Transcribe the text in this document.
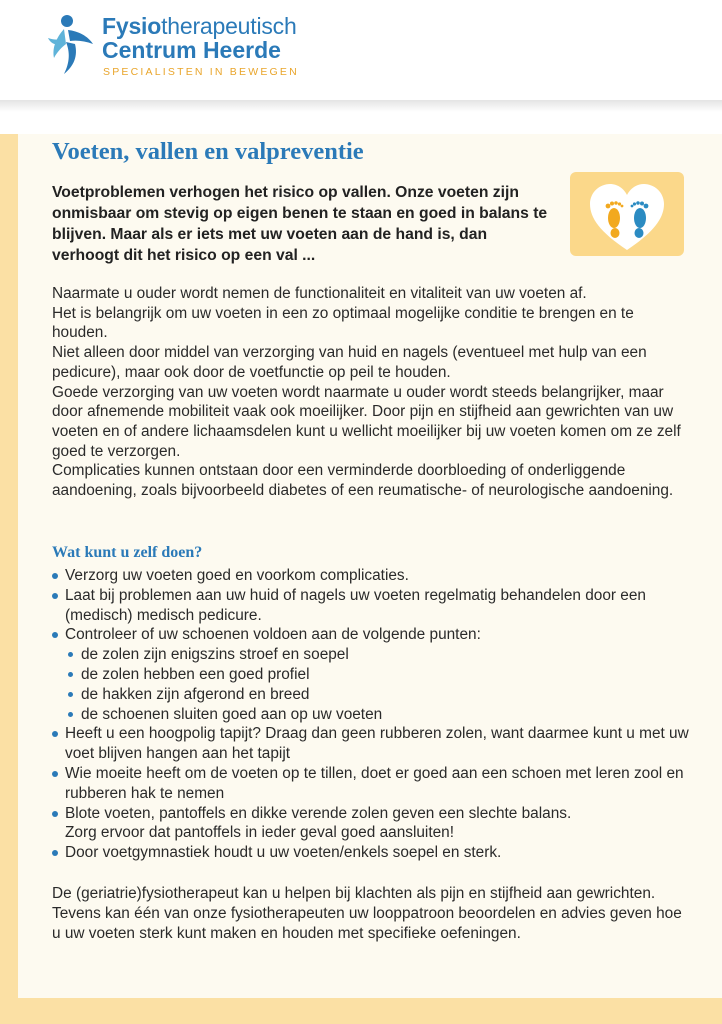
Fysiotherapeutisch
Centrum Heerde
SPECIALISTEN IN BEWEGEN
Voeten, vallen en valpreventie

Voetproblemen verhogen het risico op vallen. Onze voeten zijn onmisbaar om stevig op eigen benen te staan en goed in balans te blijven. Maar als er iets met uw voeten aan de hand is, dan verhoogt dit het risico op een val ...

Naarmate u ouder wordt nemen de functionaliteit en vitaliteit van uw voeten af.

Het is belangrijk om uw voeten in een zo optimaal mogelijke conditie te brengen en te houden.

Niet alleen door middel van verzorging van huid en nagels (eventueel met hulp van een pedicure), maar ook door de voetfunctie op peil te houden.

Goede verzorging van uw voeten wordt naarmate u ouder wordt steeds belangrijker, maar door afnemende mobiliteit vaak ook moeilijker. Door pijn en stijfheid aan gewrichten van uw voeten en of andere lichaamsdelen kunt u wellicht moeilijker bij uw voeten komen om ze zelf goed te verzorgen.

Complicaties kunnen ontstaan door een verminderde doorbloeding of onderliggende aandoening, zoals bijvoorbeeld diabetes of een reumatische- of neurologische aandoening.

Wat kunt u zelf doen?
Verzorg uw voeten goed en voorkom complicaties.
Laat bij problemen aan uw huid of nagels uw voeten regelmatig behandelen door een (medisch) medisch pedicure.
Controleer of uw schoenen voldoen aan de volgende punten:
de zolen zijn enigszins stroef en soepel
de zolen hebben een goed profiel
de hakken zijn afgerond en breed
de schoenen sluiten goed aan op uw voeten
Heeft u een hoogpolig tapijt? Draag dan geen rubberen zolen, want daarmee kunt u met uw voet blijven hangen aan het tapijt
Wie moeite heeft om de voeten op te tillen, doet er goed aan een schoen met leren zool en rubberen hak te nemen
Blote voeten, pantoffels en dikke verende zolen geven een slechte balans.
Zorg ervoor dat pantoffels in ieder geval goed aansluiten!
Door voetgymnastiek houdt u uw voeten/enkels soepel en sterk.

De (geriatrie)fysiotherapeut kan u helpen bij klachten als pijn en stijfheid aan gewrichten. Tevens kan één van onze fysiotherapeuten uw looppatroon beoordelen en advies geven hoe u uw voeten sterk kunt maken en houden met specifieke oefeningen.
